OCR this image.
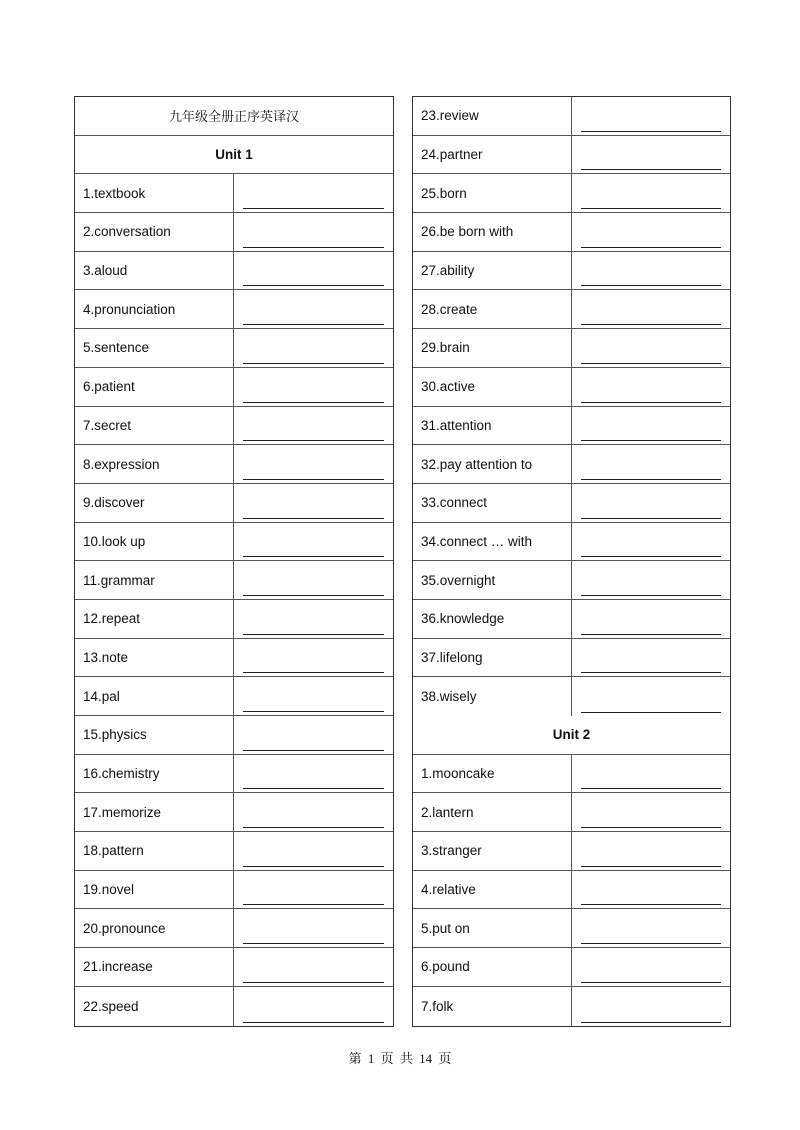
九年级全册正序英译汉
Unit 1
1.textbook
2.conversation
3.aloud
4.pronunciation
5.sentence
6.patient
7.secret
8.expression
9.discover
10.look up
11.grammar
12.repeat
13.note
14.pal
15.physics
16.chemistry
17.memorize
18.pattern
19.novel
20.pronounce
21.increase
22.speed
23.review
24.partner
25.born
26.be born with
27.ability
28.create
29.brain
30.active
31.attention
32.pay attention to
33.connect
34.connect … with
35.overnight
36.knowledge
37.lifelong
38.wisely
Unit 2
1.mooncake
2.lantern
3.stranger
4.relative
5.put on
6.pound
7.folk
第 1 页 共 14 页
